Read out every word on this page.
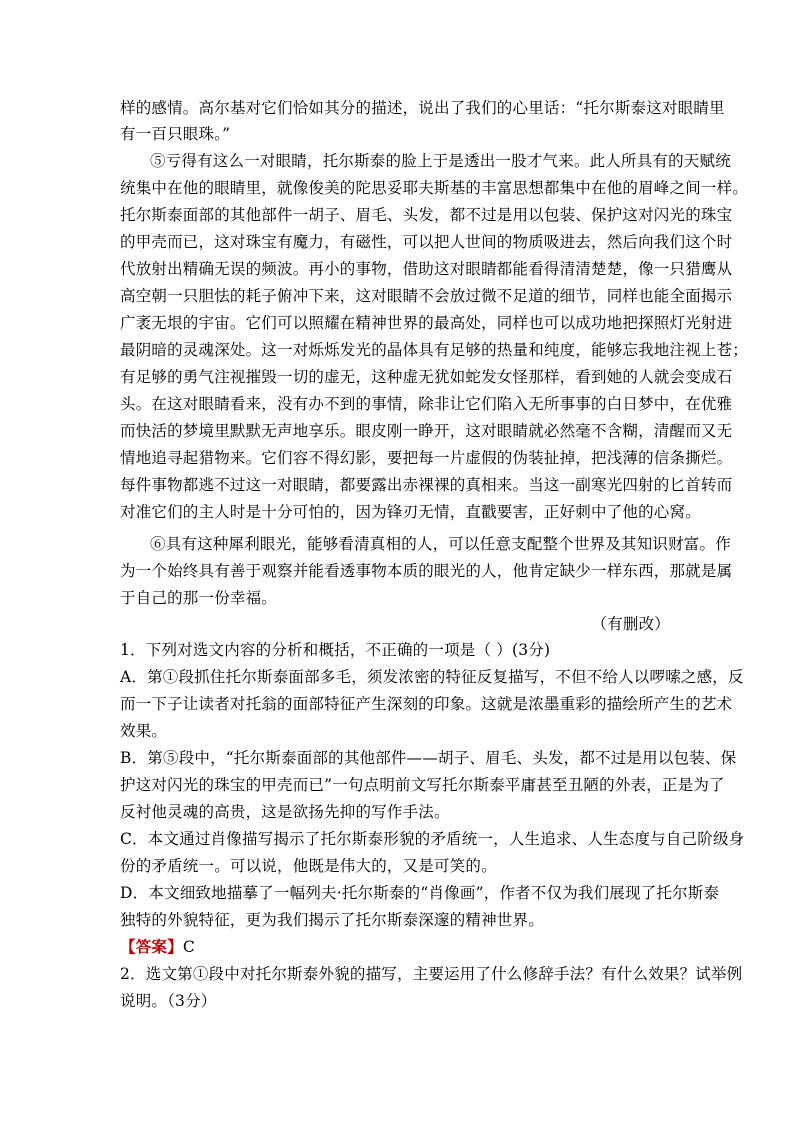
样的感情。高尔基对它们恰如其分的描述，说出了我们的心里话：“托尔斯泰这对眼睛里
有一百只眼珠。”
⑤亏得有这么一对眼睛，托尔斯泰的脸上于是透出一股才气来。此人所具有的天赋统
统集中在他的眼睛里，就像俊美的陀思妥耶夫斯基的丰富思想都集中在他的眉峰之间一样。
托尔斯泰面部的其他部件一胡子、眉毛、头发，都不过是用以包装、保护这对闪光的珠宝
的甲壳而已，这对珠宝有魔力，有磁性，可以把人世间的物质吸进去，然后向我们这个时
代放射出精确无误的频波。再小的事物，借助这对眼睛都能看得清清楚楚，像一只猎鹰从
高空朝一只胆怯的耗子俯冲下来，这对眼睛不会放过微不足道的细节，同样也能全面揭示
广袤无垠的宇宙。它们可以照耀在精神世界的最高处，同样也可以成功地把探照灯光射进
最阴暗的灵魂深处。这一对烁烁发光的晶体具有足够的热量和纯度，能够忘我地注视上苍；
有足够的勇气注视摧毁一切的虚无，这种虚无犹如蛇发女怪那样，看到她的人就会变成石
头。在这对眼睛看来，没有办不到的事情，除非让它们陷入无所事事的白日梦中，在优雅
而快活的梦境里默默无声地享乐。眼皮刚一睁开，这对眼睛就必然毫不含糊，清醒而又无
情地追寻起猎物来。它们容不得幻影，要把每一片虚假的伪装扯掉，把浅薄的信条撕烂。
每件事物都逃不过这一对眼睛，都要露出赤裸裸的真相来。当这一副寒光四射的匕首转而
对准它们的主人时是十分可怕的，因为锋刃无情，直戳要害，正好刺中了他的心窝。
⑥具有这种犀利眼光，能够看清真相的人，可以任意支配整个世界及其知识财富。作
为一个始终具有善于观察并能看透事物本质的眼光的人，他肯定缺少一样东西，那就是属
于自己的那一份幸福。
（有删改）
1．下列对选文内容的分析和概括，不正确的一项是（ ）(3分)
A．第①段抓住托尔斯泰面部多毛，须发浓密的特征反复描写，不但不给人以啰嗦之感，反
而一下子让读者对托翁的面部特征产生深刻的印象。这就是浓墨重彩的描绘所产生的艺术
效果。
B．第⑤段中，“托尔斯泰面部的其他部件——胡子、眉毛、头发，都不过是用以包装、保
护这对闪光的珠宝的甲壳而已”一句点明前文写托尔斯泰平庸甚至丑陋的外表，正是为了
反衬他灵魂的高贵，这是欲扬先抑的写作手法。
C．本文通过肖像描写揭示了托尔斯泰形貌的矛盾统一，人生追求、人生态度与自己阶级身
份的矛盾统一。可以说，他既是伟大的，又是可笑的。
D．本文细致地描摹了一幅列夫·托尔斯泰的“肖像画”，作者不仅为我们展现了托尔斯泰
独特的外貌特征，更为我们揭示了托尔斯泰深邃的精神世界。
【答案】C
2．选文第①段中对托尔斯泰外貌的描写，主要运用了什么修辞手法？有什么效果？试举例
说明。（3分）
